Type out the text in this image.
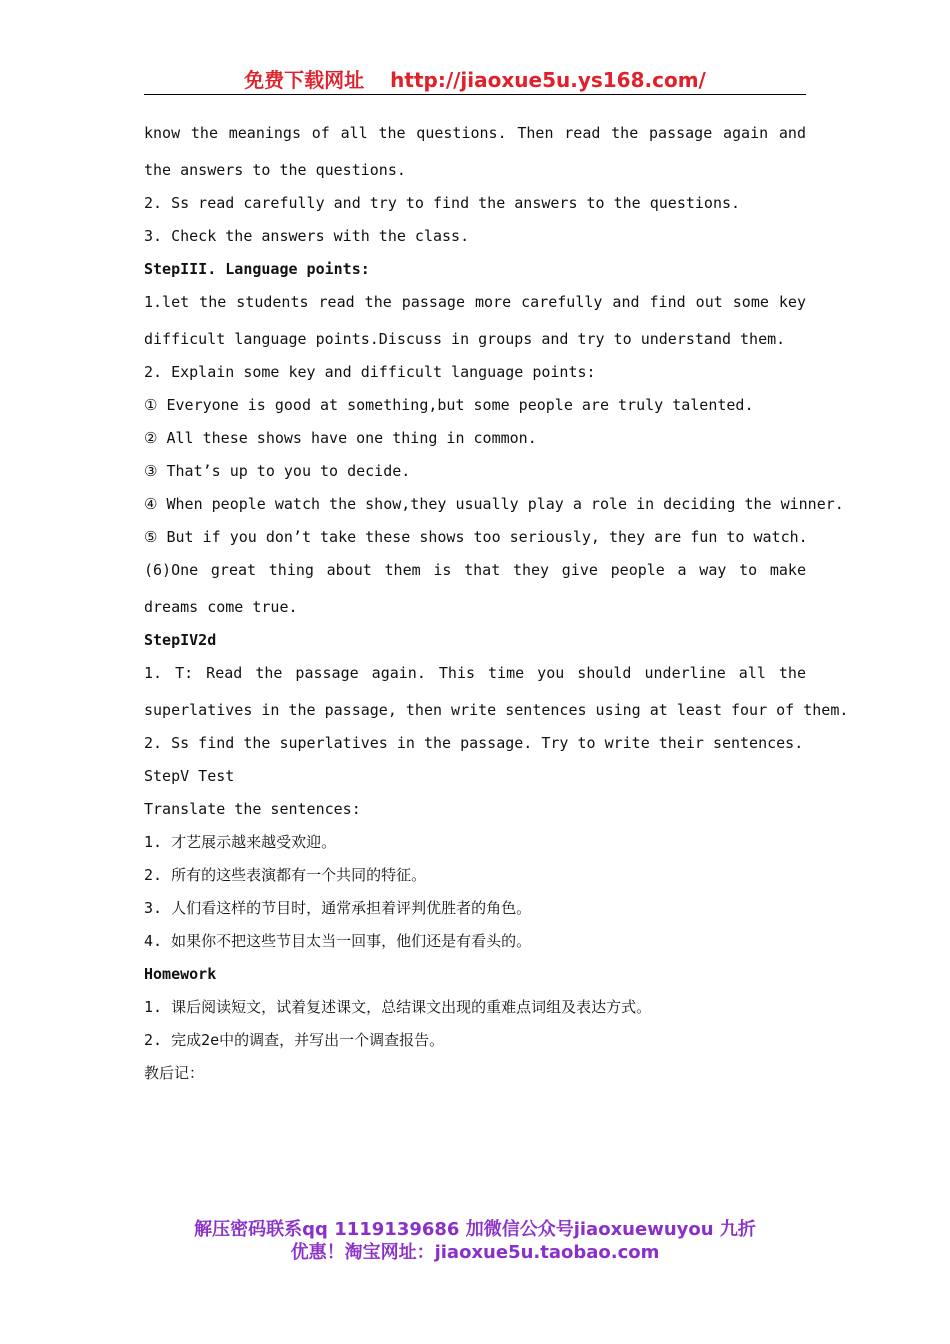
免费下载网址 http://jiaoxue5u.ys168.com/
know the meanings of all the questions. Then read the passage again and
the answers to the questions.
2. Ss read carefully and try to find the answers to the questions.
3. Check the answers with the class.
StepIII. Language points:
1.let the students read the passage more carefully and find out some key
difficult language points.Discuss in groups and try to understand them.
2. Explain some key and difficult language points:
① Everyone is good at something,but some people are truly talented.
② All these shows have one thing in common.
③ That’s up to you to decide.
④ When people watch the show,they usually play a role in deciding the winner.
⑤ But if you don’t take these shows too seriously, they are fun to watch.
(6)One great thing about them is that they give people a way to make
dreams come true.
StepIV2d
1. T: Read the passage again. This time you should underline all the
superlatives in the passage, then write sentences using at least four of them.
2. Ss find the superlatives in the passage. Try to write their sentences.
StepV Test
Translate the sentences:
1. 才艺展示越来越受欢迎。
2. 所有的这些表演都有一个共同的特征。
3. 人们看这样的节目时，通常承担着评判优胜者的角色。
4. 如果你不把这些节目太当一回事，他们还是有看头的。
Homework
1. 课后阅读短文，试着复述课文，总结课文出现的重难点词组及表达方式。
2. 完成2e中的调查，并写出一个调查报告。
教后记：
解压密码联系qq 1119139686 加微信公众号jiaoxuewuyou 九折
优惠！淘宝网址：jiaoxue5u.taobao.com
